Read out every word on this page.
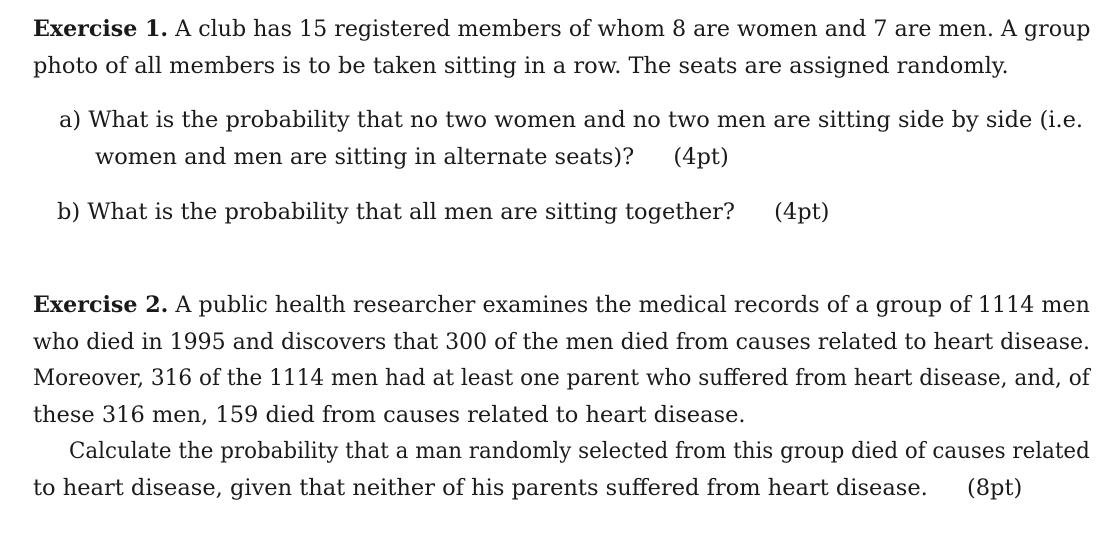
Exercise 1. A club has 15 registered members of whom 8 are women and 7 are men. A group
photo of all members is to be taken sitting in a row. The seats are assigned randomly.
a) What is the probability that no two women and no two men are sitting side by side (i.e.
women and men are sitting in alternate seats)? (4pt)
b) What is the probability that all men are sitting together? (4pt)
Exercise 2. A public health researcher examines the medical records of a group of 1114 men
who died in 1995 and discovers that 300 of the men died from causes related to heart disease.
Moreover, 316 of the 1114 men had at least one parent who suffered from heart disease, and, of
these 316 men, 159 died from causes related to heart disease.
Calculate the probability that a man randomly selected from this group died of causes related
to heart disease, given that neither of his parents suffered from heart disease. (8pt)
